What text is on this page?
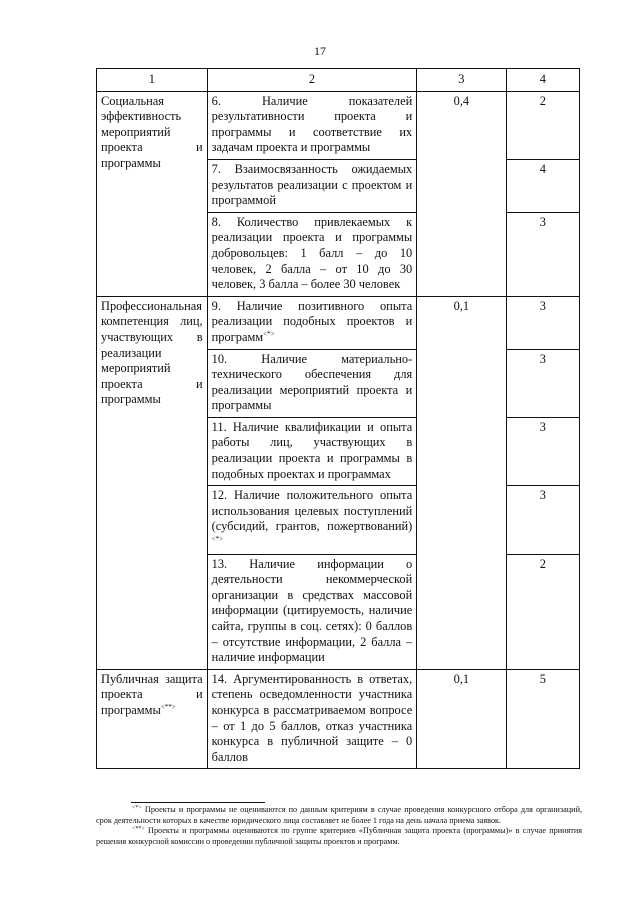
17
1	2	3	4
Социальная эффективность мероприятий проекта и программы	6. Наличие показателей результативности проекта и программы и соответствие их задачам проекта и программы	0,4	2
	7. Взаимосвязанность ожидаемых результатов реализации с проектом и программой		4
	8. Количество привлекаемых к реализации проекта и программы добровольцев: 1 балл – до 10 человек, 2 балла – от 10 до 30 человек, 3 балла – более 30 человек		3
Профессиональная компетенция лиц, участвующих в реализации мероприятий проекта и программы	9. Наличие позитивного опыта реализации подобных проектов и программ<*>	0,1	3
	10. Наличие материально-технического обеспечения для реализации мероприятий проекта и программы		3
	11. Наличие квалификации и опыта работы лиц, участвующих в реализации проекта и программы в подобных проектах и программах		3
	12. Наличие положительного опыта использования целевых поступлений (субсидий, грантов, пожертвований)<*>		3
	13. Наличие информации о деятельности некоммерческой организации в средствах массовой информации (цитируемость, наличие сайта, группы в соц. сетях): 0 баллов – отсутствие информации, 2 балла – наличие информации		2
Публичная защита проекта и программы<**>	14. Аргументированность в ответах, степень осведомленности участника конкурса в рассматриваемом вопросе – от 1 до 5 баллов, отказ участника конкурса в публичной защите – 0 баллов	0,1	5

<*> Проекты и программы не оцениваются по данным критериям в случае проведения конкурсного отбора для организаций, срок деятельности которых в качестве юридического лица составляет не более 1 года на день начала приема заявок.

<**> Проекты и программы оцениваются по группе критериев «Публичная защита проекта (программы)» в случае принятия решения конкурсной комиссии о проведении публичной защиты проектов и программ.
